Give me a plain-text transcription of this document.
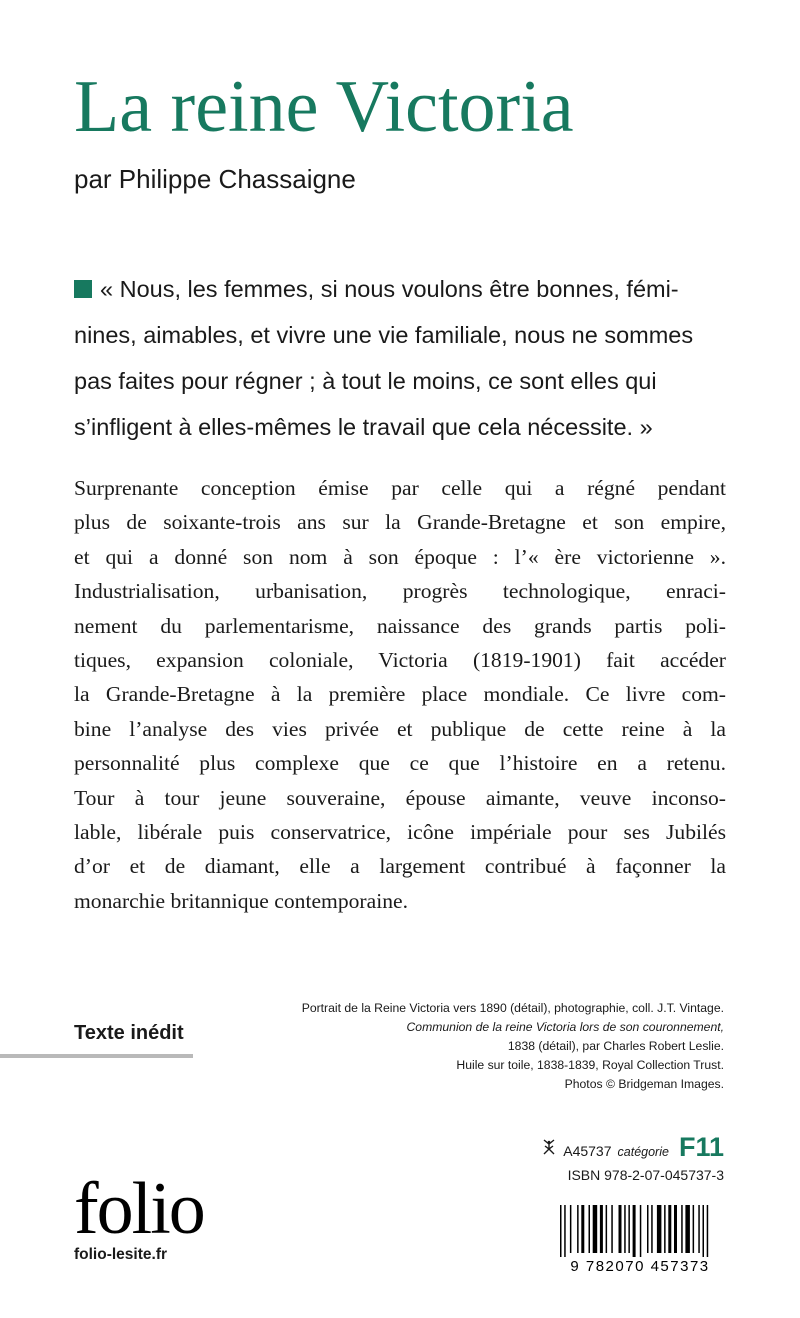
La reine Victoria
par Philippe Chassaigne
« Nous, les femmes, si nous voulons être bonnes, fémi-
nines, aimables, et vivre une vie familiale, nous ne sommes
pas faites pour régner ; à tout le moins, ce sont elles qui
s’infligent à elles-mêmes le travail que cela nécessite. »
Surprenante conception émise par celle qui a régné pendant
plus de soixante-trois ans sur la Grande-Bretagne et son empire,
et qui a donné son nom à son époque : l’« ère victorienne ».
Industrialisation, urbanisation, progrès technologique, enraci-
nement du parlementarisme, naissance des grands partis poli-
tiques, expansion coloniale, Victoria (1819-1901) fait accéder
la Grande-Bretagne à la première place mondiale. Ce livre com-
bine l’analyse des vies privée et publique de cette reine à la
personnalité plus complexe que ce que l’histoire en a retenu.
Tour à tour jeune souveraine, épouse aimante, veuve inconso-
lable, libérale puis conservatrice, icône impériale pour ses Jubilés
d’or et de diamant, elle a largement contribué à façonner la
monarchie britannique contemporaine.
Texte inédit
Portrait de la Reine Victoria vers 1890 (détail), photographie, coll. J.T. Vintage.
Communion de la reine Victoria lors de son couronnement,
1838 (détail), par Charles Robert Leslie.
Huile sur toile, 1838-1839, Royal Collection Trust.
Photos © Bridgeman Images.
A45737 catégorie F11
ISBN 978-2-07-045737-3
folio
folio-lesite.fr
9 782070 457373
